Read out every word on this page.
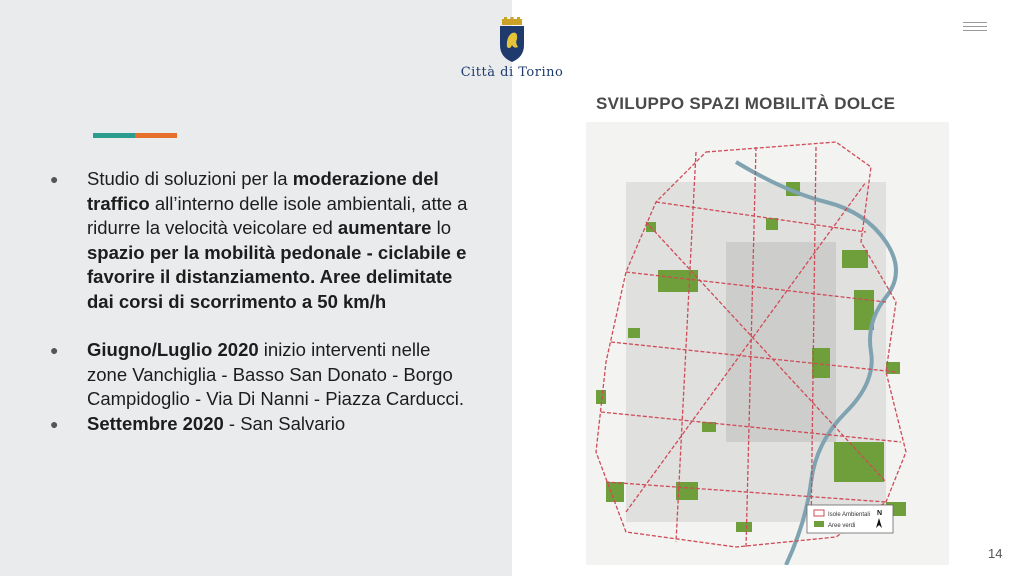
● Studio di soluzioni per la moderazione del traffico all’interno delle isole ambientali, atte a ridurre la velocità veicolare ed aumentare lo spazio per la mobilità pedonale - ciclabile e favorire il distanziamento. Aree delimitate dai corsi di scorrimento a 50 km/h
● Giugno/Luglio 2020 inizio interventi nelle zone Vanchiglia - Basso San Donato - Borgo Campidoglio - Via Di Nanni - Piazza Carducci.
● Settembre 2020 - San Salvario
Città di Torino
SVILUPPO SPAZI MOBILITÀ DOLCE
Isole Ambientali
Aree verdi
N
14
